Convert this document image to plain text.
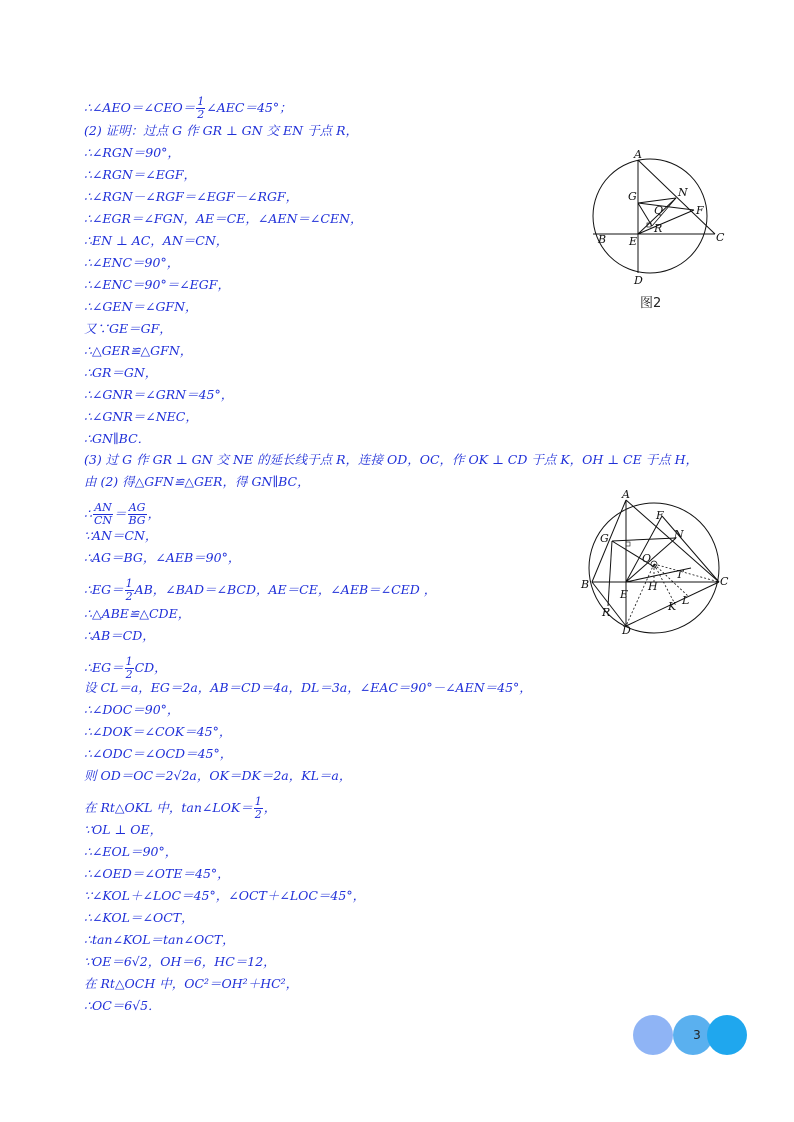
∴∠AEO＝∠CEO＝ $\frac{1}{2}$ ∠AEC＝45°；
(2) 证明：过点 G 作 GR ⊥ GN 交 EN 于点 R，
∴∠RGN＝90°，
∴∠RGN＝∠EGF，
∴∠RGN－∠RGF＝∠EGF－∠RGF，
∴∠EGR＝∠FGN，AE＝CE，∠AEN＝∠CEN，
∴EN ⊥ AC，AN＝CN，
∴∠ENC＝90°，
∴∠ENC＝90°＝∠EGF，
∴∠GEN＝∠GFN，
又∵GE＝GF，
∴△GER≌△GFN，
∴GR＝GN，
∴∠GNR＝∠GRN＝45°，
∴∠GNR＝∠NEC，
∴GN∥BC．
(3) 过 G 作 GR ⊥ GN 交 NE 的延长线于点 R，连接 OD，OC，作 OK ⊥ CD 于点 K，OH ⊥ CE 于点 H，
由 (2) 得△GFN≌△GER，得 GN∥BC，
∴ $\frac{AN}{CN} = \frac{AG}{BG}$ ，
∵AN＝CN，
∴AG＝BG，∠AEB＝90°，
∴EG＝ $\frac{1}{2}$ AB，∠BAD＝∠BCD，AE＝CE，∠AEB＝∠CED ，
∴△ABE≌△CDE，
∴AB＝CD，
∴EG＝ $\frac{1}{2}$ CD，
设 CL＝a，EG＝2a，AB＝CD＝4a，DL＝3a，∠EAC＝90°－∠AEN＝45°，
∴∠DOC＝90°，
∴∠DOK＝∠COK＝45°，
∴∠ODC＝∠OCD＝45°，
则 OD＝OC＝2√2a，OK＝DK＝2a，KL＝a，
在 Rt△OKL 中，tan∠LOK＝ $\frac{1}{2}$ ，
∵OL ⊥ OE，
∴∠EOL＝90°，
∴∠OED＝∠OTE＝45°，
∵∠KOL＋∠LOC＝45°，∠OCT＋∠LOC＝45°，
∴∠KOL＝∠OCT，
∴tan∠KOL＝tan∠OCT，
∵OE＝6√2，OH＝6，HC＝12，
在 Rt△OCH 中，OC²＝OH²＋HC²，
∴OC＝6√5．
A
B	C
D
E
F
G	N
R
Q
图2
A
B	C
D
E
F
G	N
O
R
H
K L
T
3
